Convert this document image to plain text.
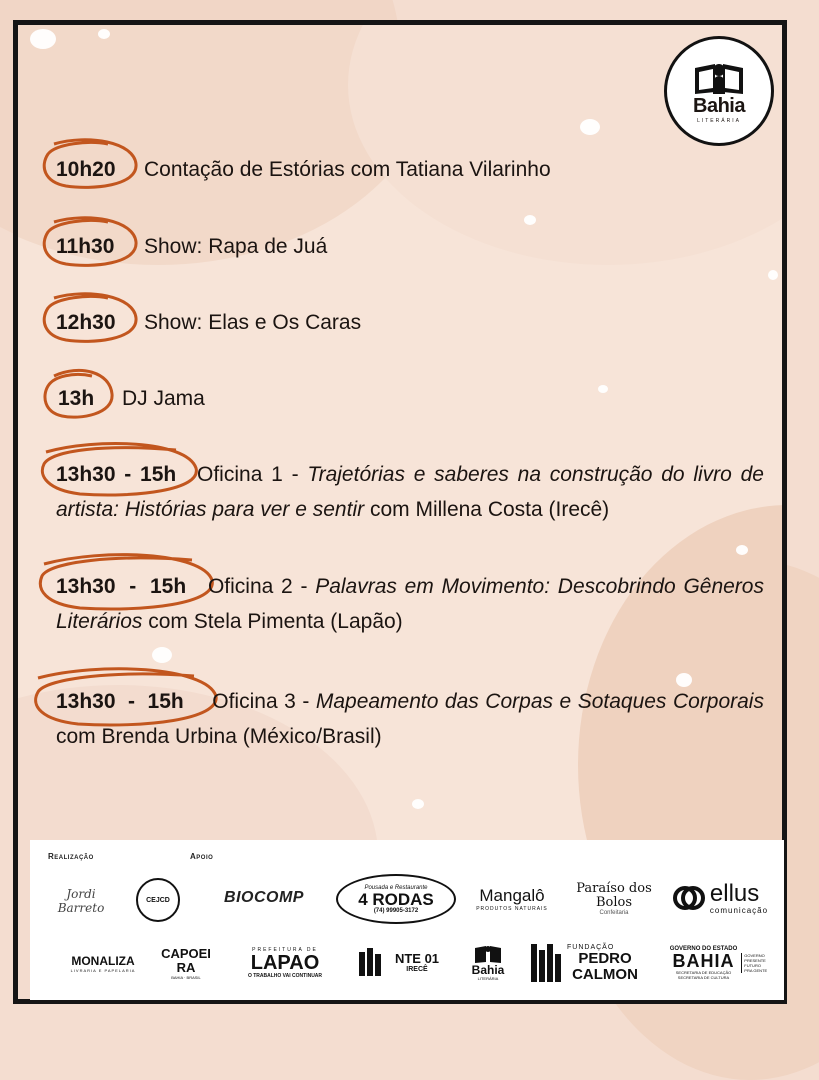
Bahia
LITERÁRIA
10h20 Contação de Estórias com Tatiana Vilarinho
11h30 Show: Rapa de Juá
12h30 Show: Elas e Os Caras
13h DJ Jama
13h30 - 15h Oficina 1 - Trajetórias e saberes na construção do livro de artista: Histórias para ver e sentir com Millena Costa (Irecê)
13h30 - 15h Oficina 2 - Palavras em Movimento: Descobrindo Gêneros Literários com Stela Pimenta (Lapão)
13h30 - 15h Oficina 3 - Mapeamento das Corpas e Sotaques Corporais com Brenda Urbina (México/Brasil)
Realização	Apoio
Jordi Barreto
CEJCD	BIOCOMP
Pousada e Restaurante
4 RODAS
(74) 99905-3172
Mangalô
PRODUTOS NATURAIS
Paraíso dos Bolos
Confeitaria
ellus
comunicação
MONALIZA
LIVRARIA E PAPELARIA
CAPOEIRA
BAHIA · BRASIL
PREFEITURA DE
LAPAO
O TRABALHO VAI CONTINUAR
NTE 01
IRECÊ	Bahia
LITERÁRIA
FUNDAÇÃO
PEDRO CALMON
GOVERNO DO ESTADO
BAHIA
SECRETARIA DE EDUCAÇÃO
SECRETARIA DE CULTURA
GOVERNO PRESENTE FUTURO PRA GENTE
